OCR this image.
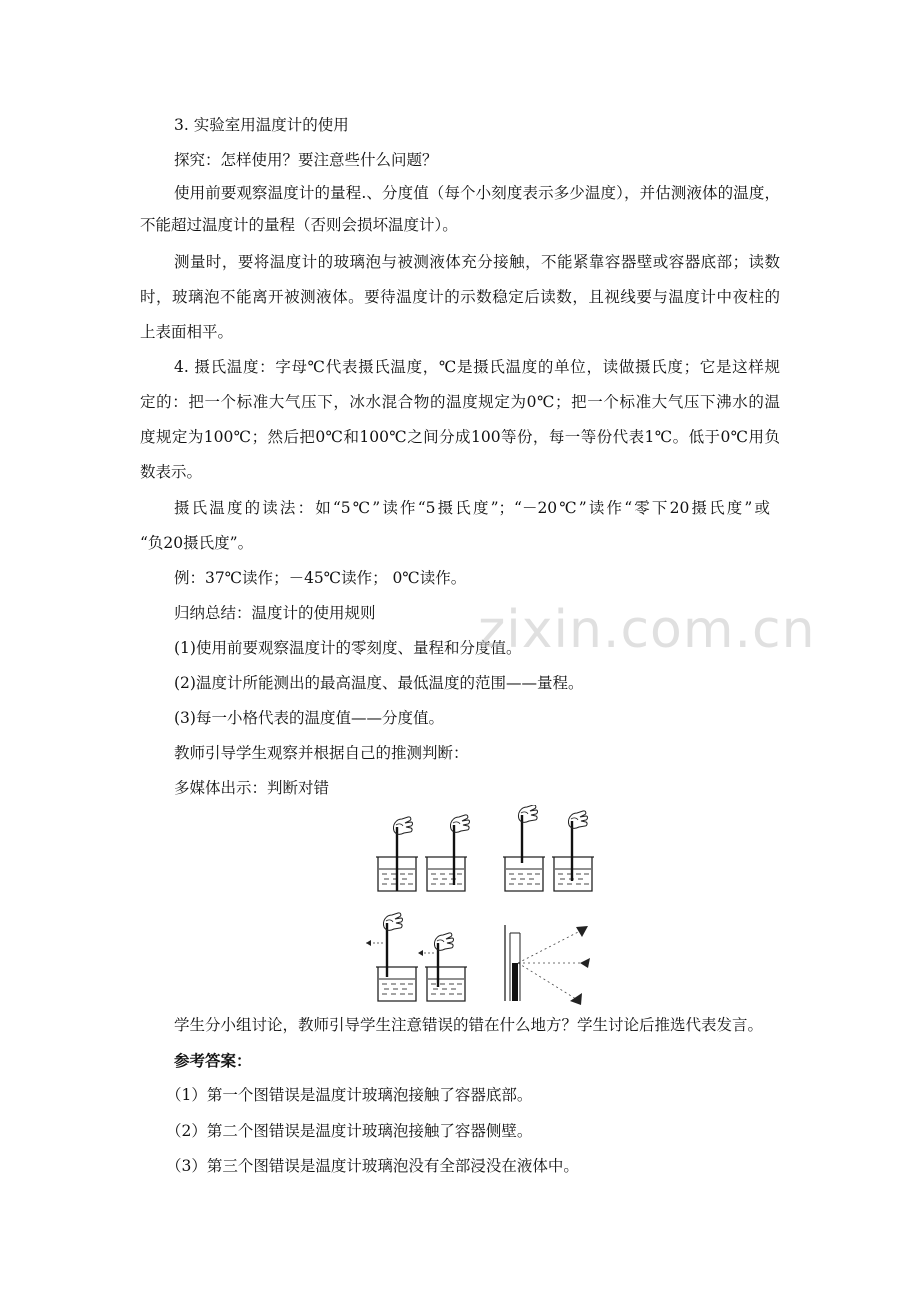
3. 实验室用温度计的使用
探究：怎样使用？要注意些什么问题？
使用前要观察温度计的量程.、分度值（每个小刻度表示多少温度），并估测液体的温度，
不能超过温度计的量程（否则会损坏温度计）。
测量时，要将温度计的玻璃泡与被测液体充分接触，不能紧靠容器壁或容器底部；读数
时，玻璃泡不能离开被测液体。要待温度计的示数稳定后读数，且视线要与温度计中夜柱的
上表面相平。
4. 摄氏温度：字母℃代表摄氏温度，℃是摄氏温度的单位，读做摄氏度；它是这样规
定的：把一个标准大气压下，冰水混合物的温度规定为0℃；把一个标准大气压下沸水的温
度规定为100℃；然后把0℃和100℃之间分成100等份，每一等份代表1℃。低于0℃用负
数表示。
摄氏温度的读法：如“5℃”读作“5摄氏度”；“－20℃”读作“零下20摄氏度”或
“负20摄氏度”。
例：37℃读作；－45℃读作； 0℃读作。
归纳总结：温度计的使用规则
(1)使用前要观察温度计的零刻度、量程和分度值。
(2)温度计所能测出的最高温度、最低温度的范围——量程。
(3)每一小格代表的温度值——分度值。
教师引导学生观察并根据自己的推测判断：
多媒体出示：判断对错
学生分小组讨论，教师引导学生注意错误的错在什么地方？学生讨论后推选代表发言。
参考答案：
（1）第一个图错误是温度计玻璃泡接触了容器底部。
（2）第二个图错误是温度计玻璃泡接触了容器侧壁。
（3）第三个图错误是温度计玻璃泡没有全部浸没在液体中。
zixin.com.cn
